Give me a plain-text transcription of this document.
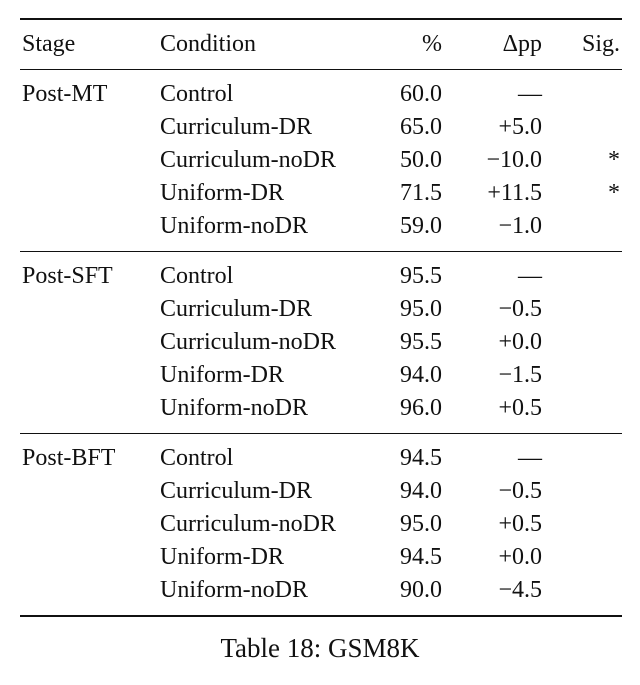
Stage	Condition	%	Δpp	Sig.
Post-MT	Control	60.0	—	
	Curriculum-DR	65.0	+5.0	
	Curriculum-noDR	50.0	−10.0	*
	Uniform-DR	71.5	+11.5	*
	Uniform-noDR	59.0	−1.0	
Post-SFT	Control	95.5	—	
	Curriculum-DR	95.0	−0.5	
	Curriculum-noDR	95.5	+0.0	
	Uniform-DR	94.0	−1.5	
	Uniform-noDR	96.0	+0.5	
Post-BFT	Control	94.5	—	
	Curriculum-DR	94.0	−0.5	
	Curriculum-noDR	95.0	+0.5	
	Uniform-DR	94.5	+0.0	
	Uniform-noDR	90.0	−4.5	
Table 18: GSM8K
